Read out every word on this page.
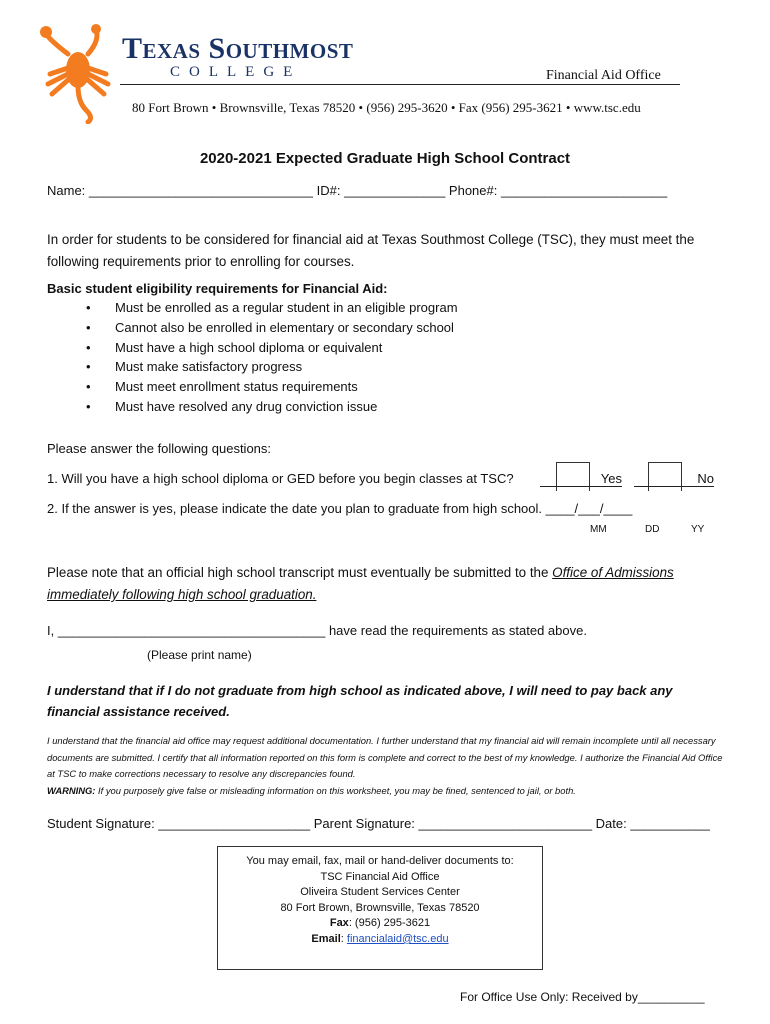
Texas Southmost
COLLEGE	Financial Aid Office
80 Fort Brown • Brownsville, Texas 78520 • (956) 295-3620 • Fax (956) 295-3621 • www.tsc.edu
2020-2021 Expected Graduate High School Contract
Name: _______________________________ ID#: ______________ Phone#: _______________________
In order for students to be considered for financial aid at Texas Southmost College (TSC), they must meet the following requirements prior to enrolling for courses.
Basic student eligibility requirements for Financial Aid:
• Must be enrolled as a regular student in an eligible program
• Cannot also be enrolled in elementary or secondary school
• Must have a high school diploma or equivalent
• Must make satisfactory progress
• Must meet enrollment status requirements
• Must have resolved any drug conviction issue
Please answer the following questions:
1. Will you have a high school diploma or GED before you begin classes at TSC?	Yes	No
2. If the answer is yes, please indicate the date you plan to graduate from high school. ____/___/____
MM	DD	YY
Please note that an official high school transcript must eventually be submitted to the Office of Admissions immediately following high school graduation.
I, _____________________________________ have read the requirements as stated above.
(Please print name)
I understand that if I do not graduate from high school as indicated above, I will need to pay back any financial assistance received.
I understand that the financial aid office may request additional documentation. I further understand that my financial aid will remain incomplete until all necessary documents are submitted. I certify that all information reported on this form is complete and correct to the best of my knowledge. I authorize the Financial Aid Office at TSC to make corrections necessary to resolve any discrepancies found.
WARNING: If you purposely give false or misleading information on this worksheet, you may be fined, sentenced to jail, or both.
Student Signature: _____________________ Parent Signature: ________________________ Date: ___________
You may email, fax, mail or hand-deliver documents to:
TSC Financial Aid Office
Oliveira Student Services Center
80 Fort Brown, Brownsville, Texas 78520
Fax: (956) 295-3621
Email: financialaid@tsc.edu
For Office Use Only: Received by__________
